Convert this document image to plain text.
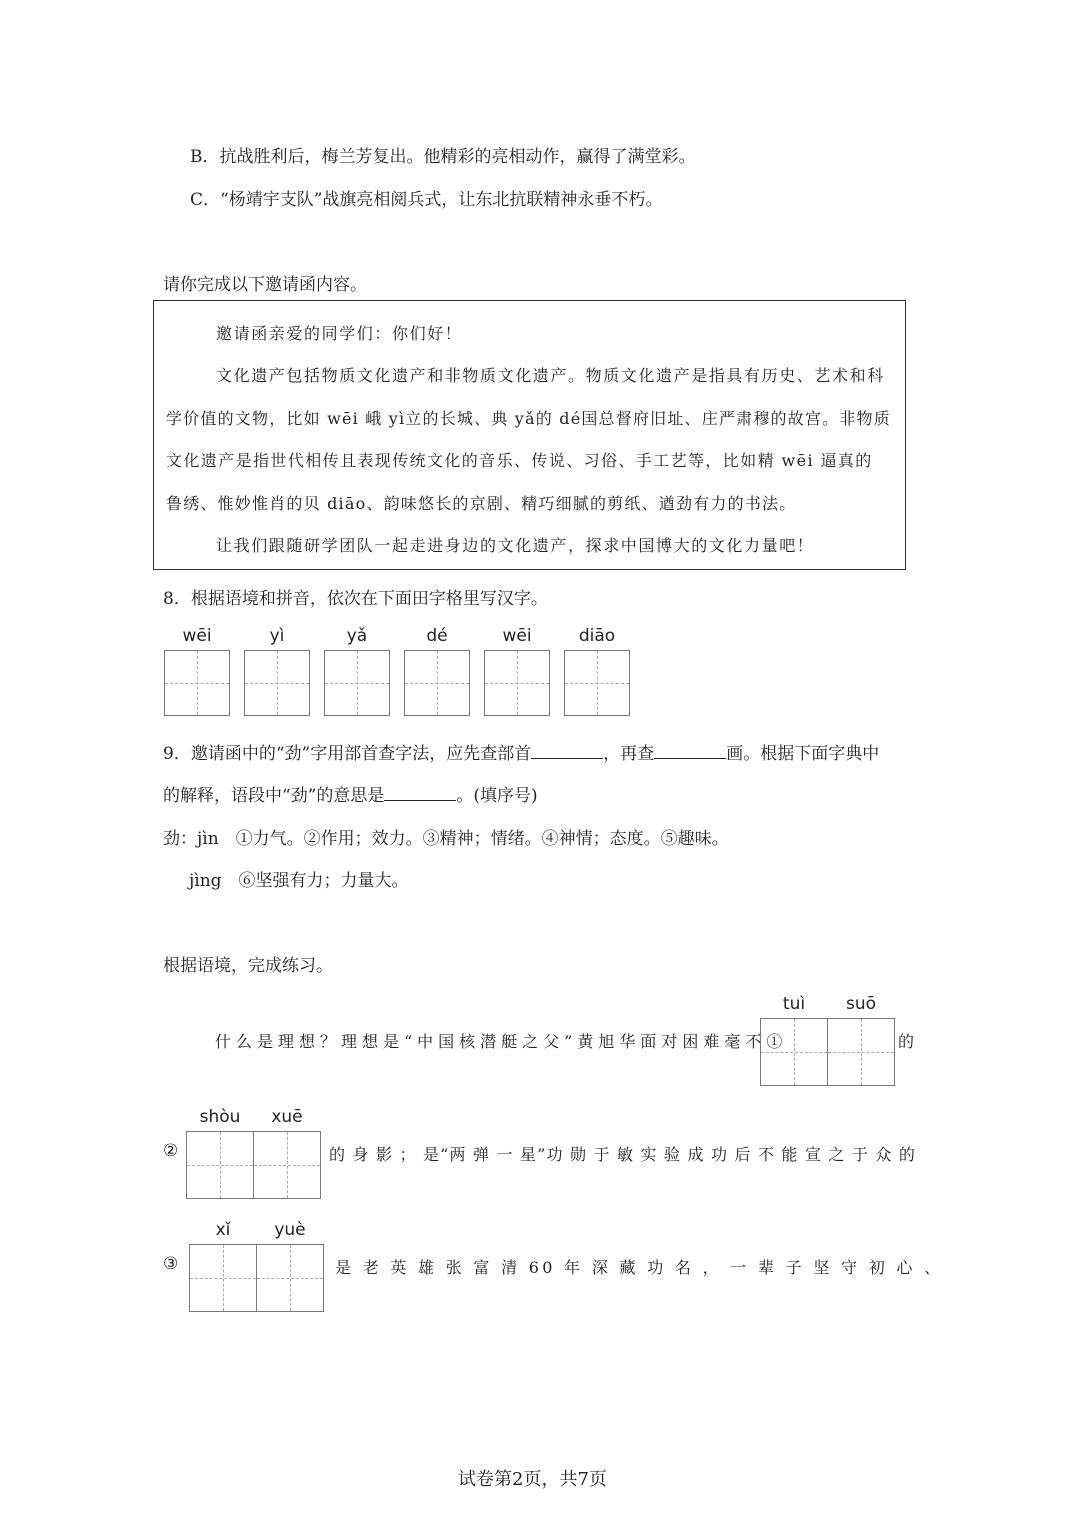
B．抗战胜利后，梅兰芳复出。他精彩的亮相动作，赢得了满堂彩。
C．“杨靖宇支队”战旗亮相阅兵式，让东北抗联精神永垂不朽。
请你完成以下邀请函内容。
邀请函亲爱的同学们：你们好！
文化遗产包括物质文化遗产和非物质文化遗产。物质文化遗产是指具有历史、艺术和科
学价值的文物，比如 wēi 峨 yì立的长城、典 yǎ的 dé国总督府旧址、庄严肃穆的故宫。非物质
文化遗产是指世代相传且表现传统文化的音乐、传说、习俗、手工艺等，比如精 wēi 逼真的
鲁绣、惟妙惟肖的贝 diāo、韵味悠长的京剧、精巧细腻的剪纸、遒劲有力的书法。
让我们跟随研学团队一起走进身边的文化遗产，探求中国博大的文化力量吧！
8．根据语境和拼音，依次在下面田字格里写汉字。
wēi	yì	yǎ	dé	wēi	diāo
9．邀请函中的“劲”字用部首查字法，应先查部首	，再查	画。根据下面字典中
的解释，语段中“劲”的意思是	。(填序号)
劲：jìn　①力气。②作用；效力。③精神；情绪。④神情；态度。⑤趣味。
jìng　⑥坚强有力；力量大。
根据语境，完成练习。
什么是理想？理想是“中国核潜艇之父”黄旭华面对困难毫不①
tuì	suō
的
②
shòu	xuē
的 身 影 ； 是“两 弹 一 星”功 勋 于 敏 实 验 成 功 后 不 能 宣 之 于 众 的
③
xǐ	yuè
是 老 英 雄 张 富 清 60 年 深 藏 功 名 ， 一 辈 子 坚 守 初 心 、
试卷第2页，共7页
